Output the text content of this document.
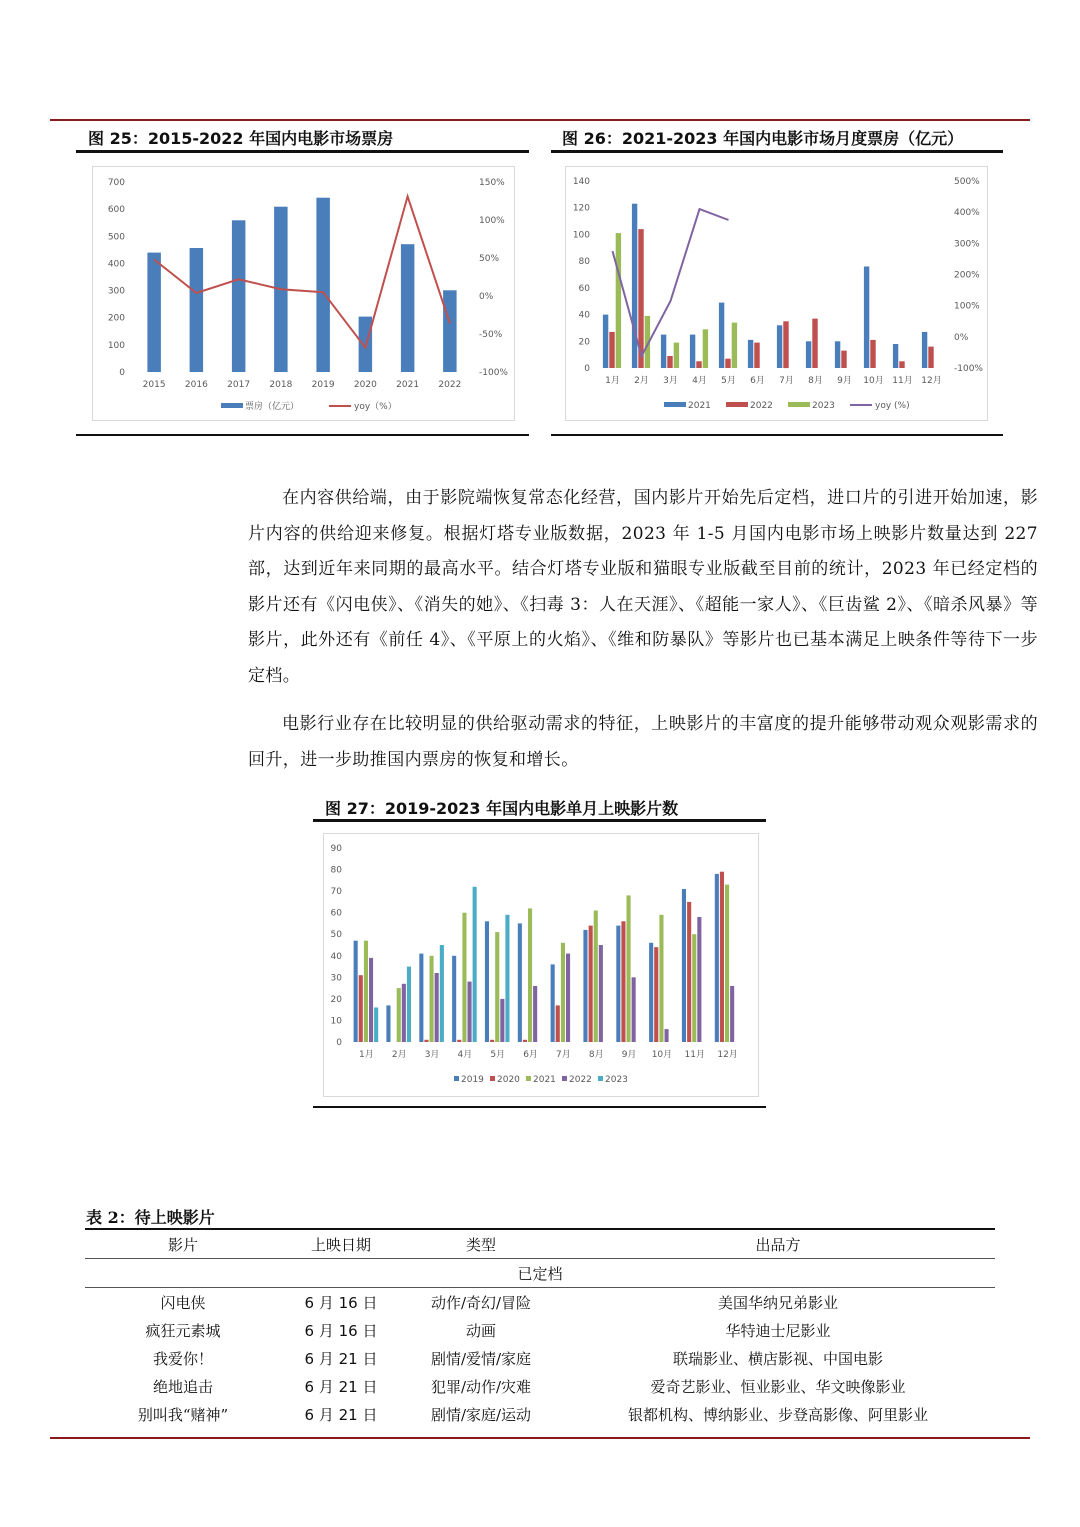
图 25：2015-2022 年国内电影市场票房
0
100
200
300
400
500
600
700
-100%
-50%
0%
50%
100%
150%
2015 2016 2017 2018 2019 2020 2021 2022
票房（亿元）	yoy（%）
图 26：2021-2023 年国内电影市场月度票房（亿元）
0
20
40
60
80
100
120
140
-100%
0%
100%
200%
300%
400%
500%
1月 2月 3月 4月 5月 6月 7月 8月 9月 10月 11月 12月
2021	2022	2023	yoy (%)
在内容供给端，由于影院端恢复常态化经营，国内影片开始先后定档，进口片的引进开始加速，影片内容的供给迎来修复。根据灯塔专业版数据，2023 年 1-5 月国内电影市场上映影片数量达到 227 部，达到近年来同期的最高水平。结合灯塔专业版和猫眼专业版截至目前的统计，2023 年已经定档的影片还有《闪电侠》、《消失的她》、《扫毒 3：人在天涯》、《超能一家人》、《巨齿鲨 2》、《暗杀风暴》等影片，此外还有《前任 4》、《平原上的火焰》、《维和防暴队》等影片也已基本满足上映条件等待下一步定档。
电影行业存在比较明显的供给驱动需求的特征，上映影片的丰富度的提升能够带动观众观影需求的回升，进一步助推国内票房的恢复和增长。
图 27：2019-2023 年国内电影单月上映影片数
0
10
20
30
40
50
60
70
80
90
1月 2月 3月 4月 5月 6月 7月 8月 9月 10月 11月 12月
2019 2020 2021 2022 2023
表 2：待上映影片
影片	上映日期	类型	出品方

已定档			

闪电侠	6 月 16 日	动作/奇幻/冒险	美国华纳兄弟影业
疯狂元素城	6 月 16 日	动画	华特迪士尼影业
我爱你！	6 月 21 日	剧情/爱情/家庭	联瑞影业、横店影视、中国电影
绝地追击	6 月 21 日	犯罪/动作/灾难	爱奇艺影业、恒业影业、华文映像影业
别叫我“赌神”	6 月 21 日	剧情/家庭/运动	银都机构、博纳影业、步登高影像、阿里影业
